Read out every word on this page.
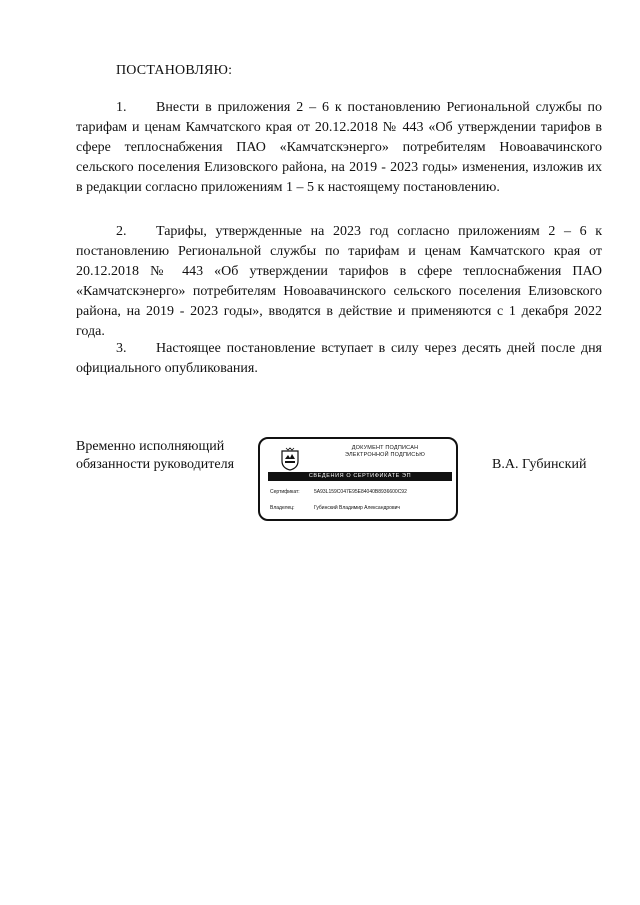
ПОСТАНОВЛЯЮ:

1. Внести в приложения 2 – 6 к постановлению Региональной службы по тарифам и ценам Камчатского края от 20.12.2018 № 443 «Об утверждении тарифов в сфере теплоснабжения ПАО «Камчатскэнерго» потребителям Новоавачинского сельского поселения Елизовского района, на 2019 - 2023 годы» изменения, изложив их в редакции согласно приложениям 1 – 5 к настоящему постановлению.

2. Тарифы, утвержденные на 2023 год согласно приложениям 2 – 6 к постановлению Региональной службы по тарифам и ценам Камчатского края от 20.12.2018 № 443 «Об утверждении тарифов в сфере теплоснабжения ПАО «Камчатскэнерго» потребителям Новоавачинского сельского поселения Елизовского района, на 2019 - 2023 годы», вводятся в действие и применяются с 1 декабря 2022 года.

3. Настоящее постановление вступает в силу через десять дней после дня официального опубликования.

Временно исполняющий
обязанности руководителя
ДОКУМЕНТ ПОДПИСАН
ЭЛЕКТРОННОЙ ПОДПИСЬЮ
СВЕДЕНИЯ О СЕРТИФИКАТЕ ЭП
Сертификат:	5A93L159C047E95E84040B8936600C92
Владелец:	Губинский Владимир Александрович
В.А. Губинский
